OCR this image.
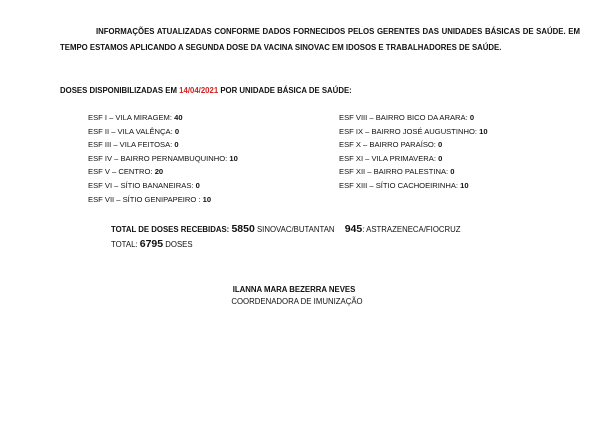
INFORMAÇÕES ATUALIZADAS CONFORME DADOS FORNECIDOS PELOS GERENTES DAS UNIDADES BÁSICAS DE SAÚDE. EM TEMPO ESTAMOS APLICANDO A SEGUNDA DOSE DA VACINA SINOVAC EM IDOSOS E TRABALHADORES DE SAÚDE.

DOSES DISPONIBILIZADAS EM 14/04/2021 POR UNIDADE BÁSICA DE SAÚDE:

ESF I – VILA MIRAGEM: 40
ESF II – VILA VALÊNÇA: 0
ESF III – VILA FEITOSA: 0
ESF IV – BAIRRO PERNAMBUQUINHO: 10
ESF V – CENTRO: 20
ESF VI – SÍTIO BANANEIRAS: 0
ESF VII – SÍTIO GENIPAPEIRO : 10
ESF VIII – BAIRRO BICO DA ARARA: 0
ESF IX – BAIRRO JOSÉ AUGUSTINHO: 10
ESF X – BAIRRO PARAÍSO: 0
ESF XI – VILA PRIMAVERA: 0
ESF XII – BAIRRO PALESTINA: 0
ESF XIII – SÍTIO CACHOEIRINHA: 10
TOTAL DE DOSES RECEBIDAS: 5850 SINOVAC/BUTANTAN 945: ASTRAZENECA/FIOCRUZ
TOTAL: 6795 DOSES
ILANNA MARA BEZERRA NEVES
COORDENADORA DE IMUNIZAÇÃO
